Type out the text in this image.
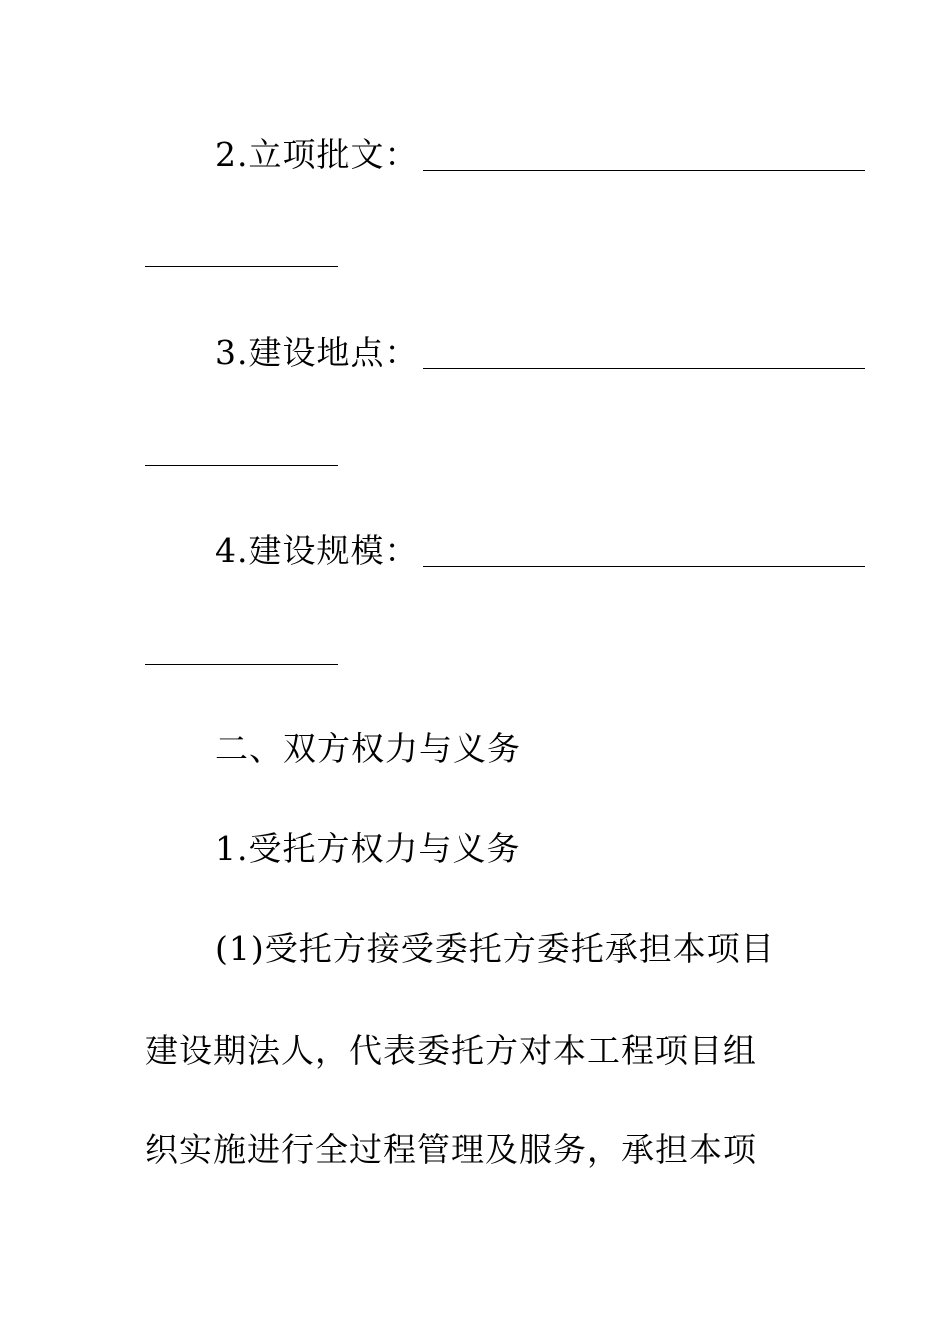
2.立项批文：
3.建设地点：
4.建设规模：
二、双方权力与义务
1.受托方权力与义务
(1)受托方接受委托方委托承担本项目
建设期法人，代表委托方对本工程项目组
织实施进行全过程管理及服务，承担本项
